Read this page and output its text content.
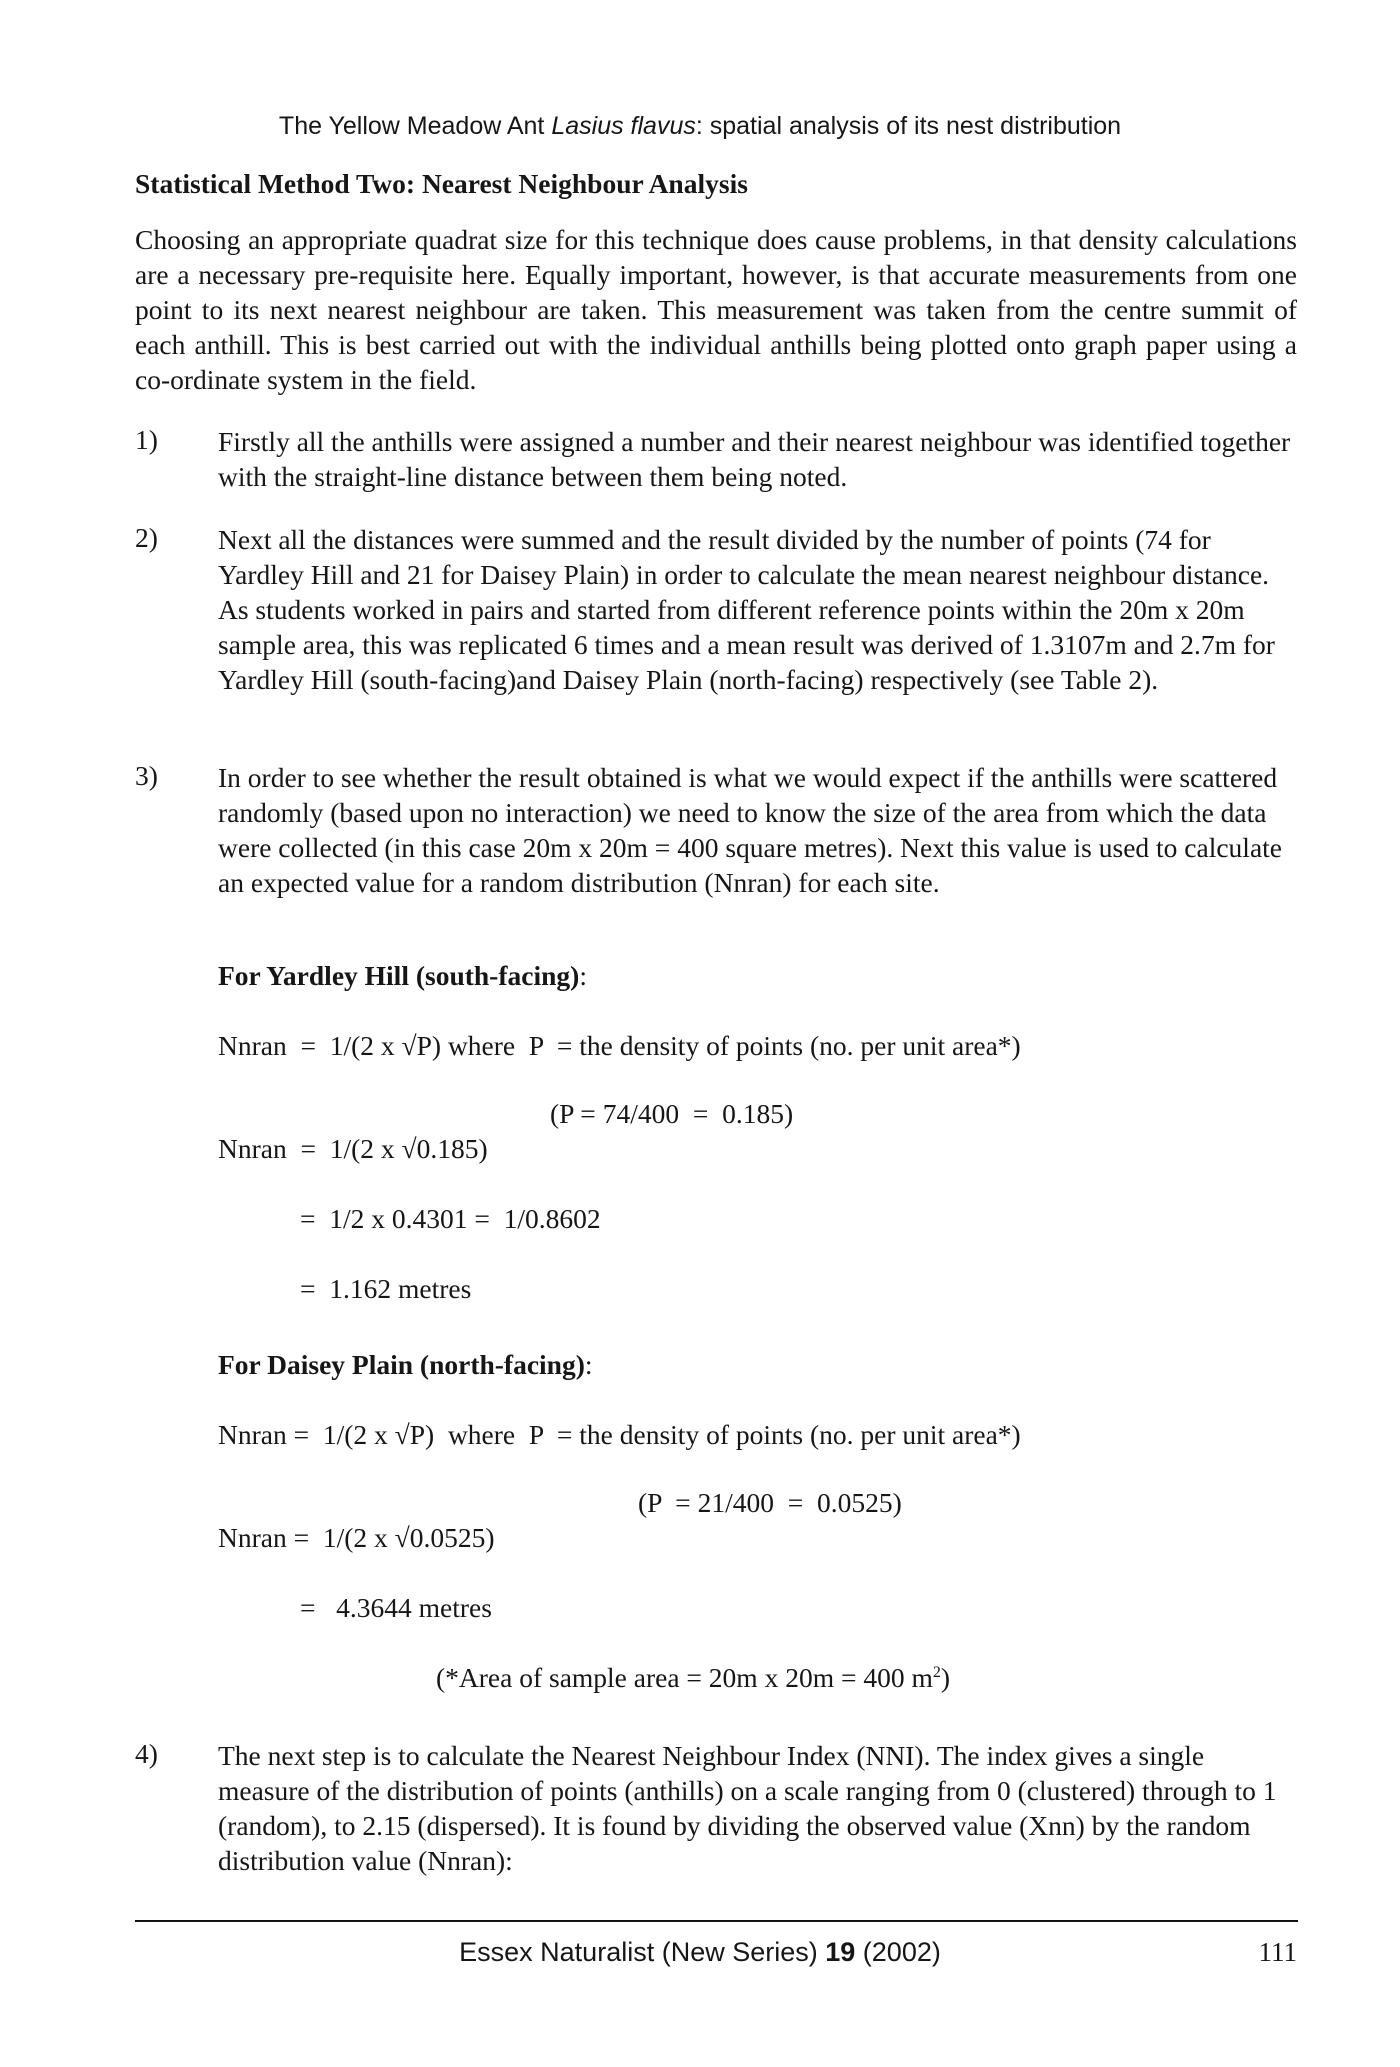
The Yellow Meadow Ant Lasius flavus: spatial analysis of its nest distribution
Statistical Method Two: Nearest Neighbour Analysis
Choosing an appropriate quadrat size for this technique does cause problems, in that density calculations are a necessary pre-requisite here. Equally important, however, is that accurate measurements from one point to its next nearest neighbour are taken. This measurement was taken from the centre summit of each anthill. This is best carried out with the individual anthills being plotted onto graph paper using a co-ordinate system in the field.
1) Firstly all the anthills were assigned a number and their nearest neighbour was identified together with the straight-line distance between them being noted.
2) Next all the distances were summed and the result divided by the number of points (74 for Yardley Hill and 21 for Daisey Plain) in order to calculate the mean nearest neighbour distance. As students worked in pairs and started from different reference points within the 20m x 20m sample area, this was replicated 6 times and a mean result was derived of 1.3107m and 2.7m for Yardley Hill (south-facing)and Daisey Plain (north-facing) respectively (see Table 2).
3) In order to see whether the result obtained is what we would expect if the anthills were scattered randomly (based upon no interaction) we need to know the size of the area from which the data were collected (in this case 20m x 20m = 400 square metres). Next this value is used to calculate an expected value for a random distribution (Nnran) for each site.
For Yardley Hill (south-facing):
Nnran  =  1/(2 x √P) where  P  = the density of points (no. per unit area*)
(P = 74/400  =  0.185)
Nnran  =  1/(2 x √0.185)
=  1/2 x 0.4301 =  1/0.8602
=  1.162 metres
For Daisey Plain (north-facing):
Nnran =  1/(2 x √P)  where  P  = the density of points (no. per unit area*)
(P  = 21/400  =  0.0525)
Nnran =  1/(2 x √0.0525)
=   4.3644 metres
(*Area of sample area = 20m x 20m = 400 $m^2$)
4) The next step is to calculate the Nearest Neighbour Index (NNI). The index gives a single measure of the distribution of points (anthills) on a scale ranging from 0 (clustered) through to 1 (random), to 2.15 (dispersed). It is found by dividing the observed value (Xnn) by the random distribution value (Nnran):
Essex Naturalist (New Series) 19 (2002)	111
